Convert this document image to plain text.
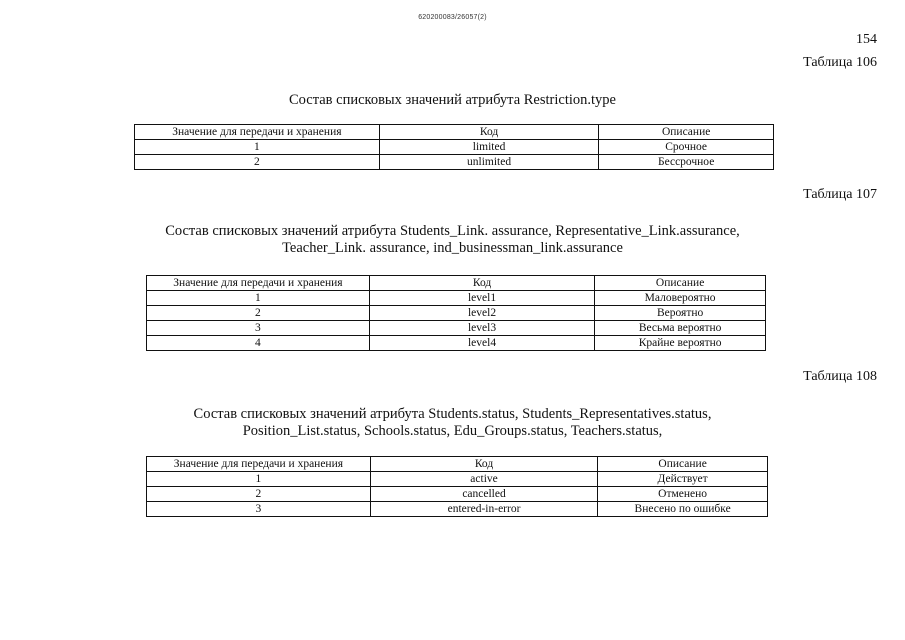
620200083/26057(2)
154
Таблица 106
Состав списковых значений атрибута Restriction.type
Значение для передачи и хранения	Код	Описание
1	limited	Срочное
2	unlimited	Бессрочное
Таблица 107
Состав списковых значений атрибута Students_Link. assurance, Representative_Link.assurance,
Teacher_Link. assurance, ind_businessman_link.assurance
Значение для передачи и хранения	Код	Описание
1	level1	Маловероятно
2	level2	Вероятно
3	level3	Весьма вероятно
4	level4	Крайне вероятно
Таблица 108
Состав списковых значений атрибута Students.status, Students_Representatives.status,
Position_List.status, Schools.status, Edu_Groups.status, Teachers.status,
Значение для передачи и хранения	Код	Описание
1	active	Действует
2	cancelled	Отменено
3	entered-in-error	Внесено по ошибке
